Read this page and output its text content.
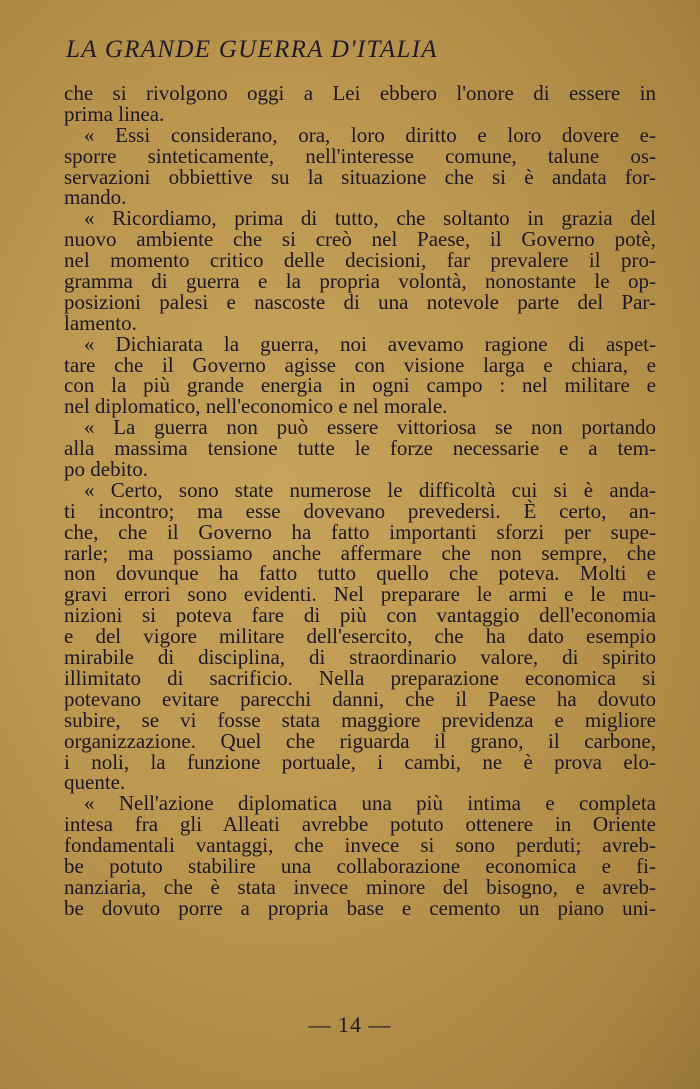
LA GRANDE GUERRA D'ITALIA
che si rivolgono oggi a Lei ebbero l'onore di essere in
prima linea.
« Essi considerano, ora, loro diritto e loro dovere e-
sporre sinteticamente, nell'interesse comune, talune os-
servazioni obbiettive su la situazione che si è andata for-
mando.
« Ricordiamo, prima di tutto, che soltanto in grazia del
nuovo ambiente che si creò nel Paese, il Governo potè,
nel momento critico delle decisioni, far prevalere il pro-
gramma di guerra e la propria volontà, nonostante le op-
posizioni palesi e nascoste di una notevole parte del Par-
lamento.
« Dichiarata la guerra, noi avevamo ragione di aspet-
tare che il Governo agisse con visione larga e chiara, e
con la più grande energia in ogni campo : nel militare e
nel diplomatico, nell'economico e nel morale.
« La guerra non può essere vittoriosa se non portando
alla massima tensione tutte le forze necessarie e a tem-
po debito.
« Certo, sono state numerose le difficoltà cui si è anda-
ti incontro; ma esse dovevano prevedersi. È certo, an-
che, che il Governo ha fatto importanti sforzi per supe-
rarle; ma possiamo anche affermare che non sempre, che
non dovunque ha fatto tutto quello che poteva. Molti e
gravi errori sono evidenti. Nel preparare le armi e le mu-
nizioni si poteva fare di più con vantaggio dell'economia
e del vigore militare dell'esercito, che ha dato esempio
mirabile di disciplina, di straordinario valore, di spirito
illimitato di sacrificio. Nella preparazione economica si
potevano evitare parecchi danni, che il Paese ha dovuto
subire, se vi fosse stata maggiore previdenza e migliore
organizzazione. Quel che riguarda il grano, il carbone,
i noli, la funzione portuale, i cambi, ne è prova elo-
quente.
« Nell'azione diplomatica una più intima e completa
intesa fra gli Alleati avrebbe potuto ottenere in Oriente
fondamentali vantaggi, che invece si sono perduti; avreb-
be potuto stabilire una collaborazione economica e fi-
nanziaria, che è stata invece minore del bisogno, e avreb-
be dovuto porre a propria base e cemento un piano uni-
— 14 —
